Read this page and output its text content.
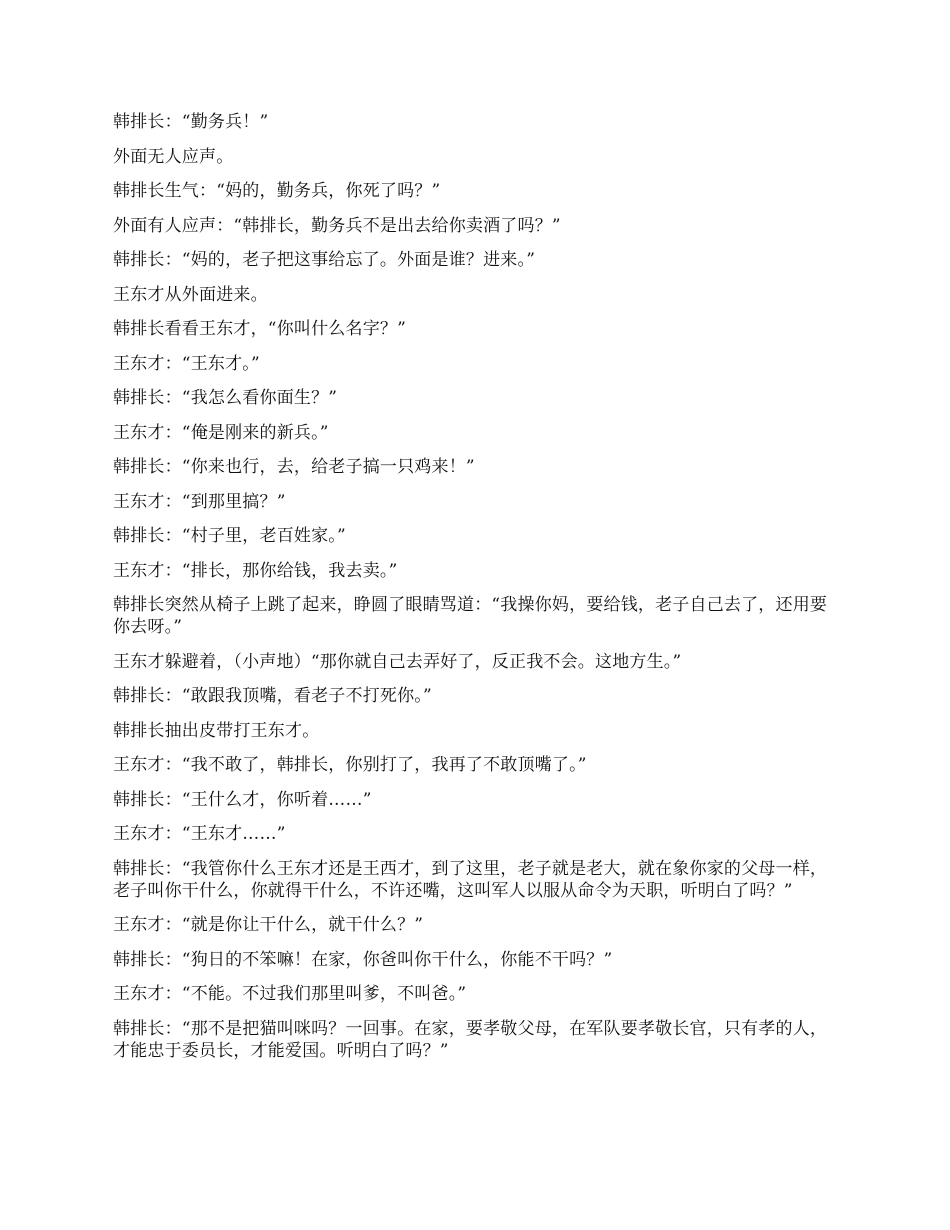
韩排长：“勤务兵！”

外面无人应声。

韩排长生气：“妈的，勤务兵，你死了吗？”

外面有人应声：“韩排长，勤务兵不是出去给你卖酒了吗？”

韩排长：“妈的，老子把这事给忘了。外面是谁？进来。”

王东才从外面进来。

韩排长看看王东才，“你叫什么名字？”

王东才：“王东才。”

韩排长：“我怎么看你面生？”

王东才：“俺是刚来的新兵。”

韩排长：“你来也行，去，给老子搞一只鸡来！”

王东才：“到那里搞？”

韩排长：“村子里，老百姓家。”

王东才：“排长，那你给钱，我去卖。”

韩排长突然从椅子上跳了起来，睁圆了眼睛骂道：“我操你妈，要给钱，老子自己去了，还用要你去呀。”

王东才躲避着，（小声地）“那你就自己去弄好了，反正我不会。这地方生。”

韩排长：“敢跟我顶嘴，看老子不打死你。”

韩排长抽出皮带打王东才。

王东才：“我不敢了，韩排长，你别打了，我再了不敢顶嘴了。”

韩排长：“王什么才，你听着……”

王东才：“王东才……”

韩排长：“我管你什么王东才还是王西才，到了这里，老子就是老大，就在象你家的父母一样，老子叫你干什么，你就得干什么，不许还嘴，这叫军人以服从命令为天职，听明白了吗？”

王东才：“就是你让干什么，就干什么？”

韩排长：“狗日的不笨嘛！在家，你爸叫你干什么，你能不干吗？”

王东才：“不能。不过我们那里叫爹，不叫爸。”

韩排长：“那不是把猫叫咪吗？一回事。在家，要孝敬父母，在军队要孝敬长官，只有孝的人，才能忠于委员长，才能爱国。听明白了吗？”
